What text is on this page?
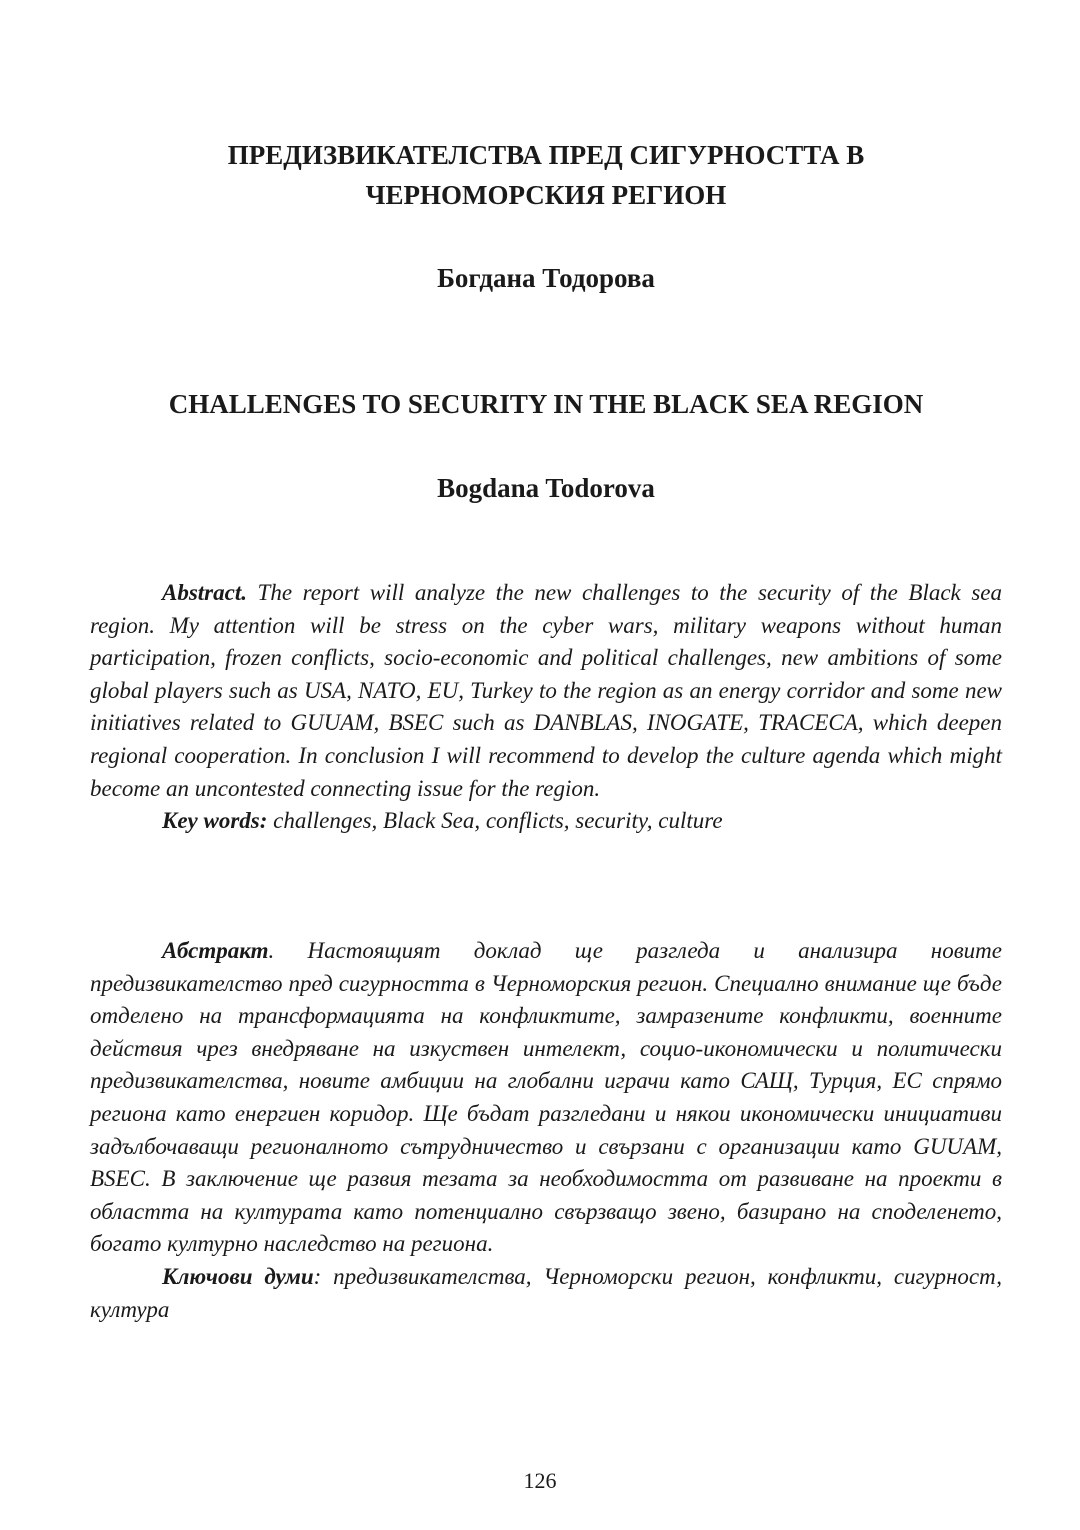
ПРЕДИЗВИКАТЕЛСТВА ПРЕД СИГУРНОСТТА В
ЧЕРНОМОРСКИЯ РЕГИОН
Богдана Тодорова
CHALLENGES TO SECURITY IN THE BLACK SEA REGION
Bogdana Todorova

Abstract. The report will analyze the new challenges to the security of the Black sea region. My attention will be stress on the cyber wars, military weapons without human participation, frozen conflicts, socio-economic and political challenges, new ambitions of some global players such as USA, NATO, EU, Turkey to the region as an energy corridor and some new initiatives related to GUUAM, BSEC such as DANBLAS, INOGATE, TRACECA, which deepen regional cooperation. In conclusion I will recommend to develop the culture agenda which might become an uncontested connecting issue for the region.

Key words: challenges, Black Sea, conflicts, security, culture

Абстракт. Настоящият доклад ще разгледа и анализира новите предизвикателство пред сигурността в Черноморския регион. Специално внимание ще бъде отделено на трансформацията на конфликтите, замразените конфликти, военните действия чрез внедряване на изкуствен интелект, социо-икономически и политически предизвикателства, новите амбиции на глобални играчи като САЩ, Турция, ЕС спрямо региона като енергиен коридор. Ще бъдат разгледани и някои икономически инициативи задълбочаващи регионалното сътрудничество и свързани с организации като GUUAM, BSEC. В заключение ще развия тезата за необходимостта от развиване на проекти в областта на културата като потенциално свързващо звено, базирано на споделенето, богато културно наследство на региона.

Ключови думи: предизвикателства, Черноморски регион, конфликти, сигурност, култура

126
